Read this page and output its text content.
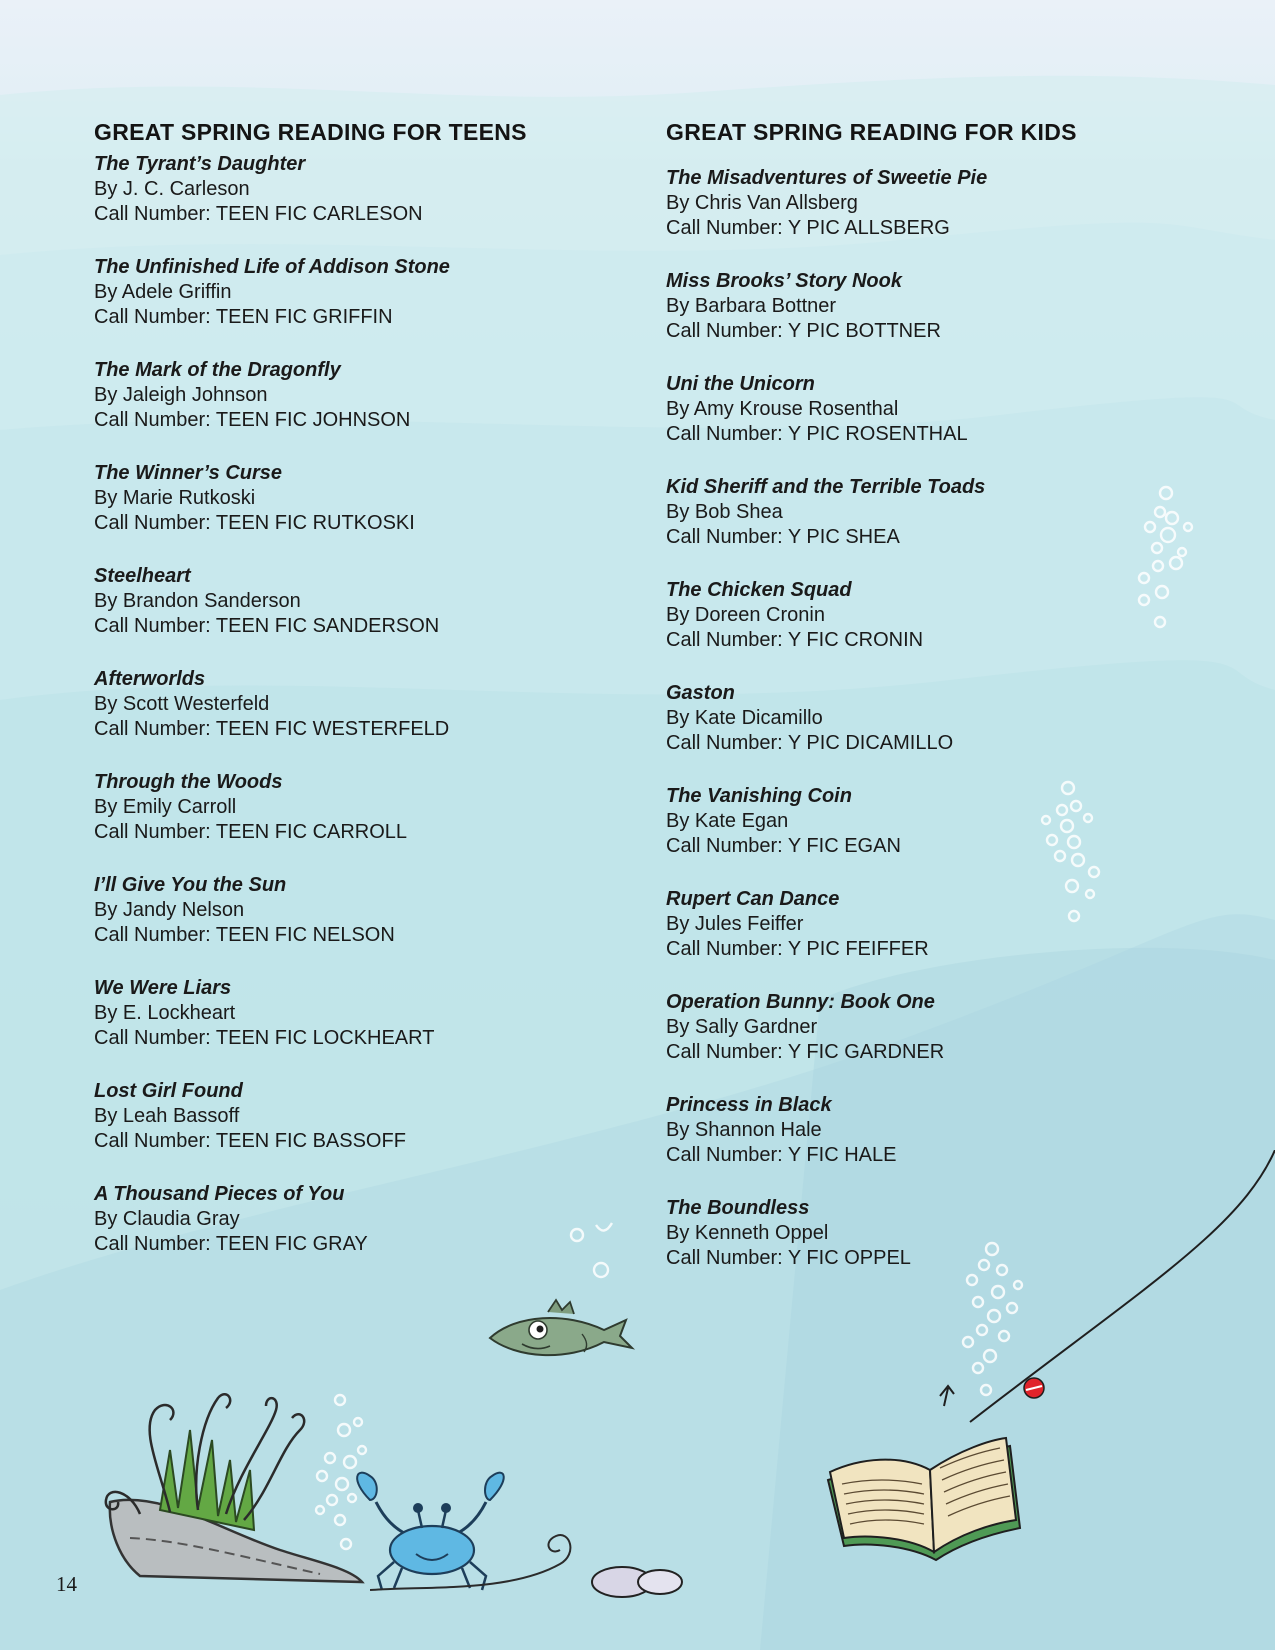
GREAT SPRING READING FOR TEENS
The Tyrant’s Daughter
By J. C. Carleson
Call Number: TEEN FIC CARLESON
The Unfinished Life of Addison Stone
By Adele Griffin
Call Number: TEEN FIC GRIFFIN
The Mark of the Dragonfly
By Jaleigh Johnson
Call Number: TEEN FIC JOHNSON
The Winner’s Curse
By Marie Rutkoski
Call Number: TEEN FIC RUTKOSKI
Steelheart
By Brandon Sanderson
Call Number: TEEN FIC SANDERSON
Afterworlds
By Scott Westerfeld
Call Number: TEEN FIC WESTERFELD
Through the Woods
By Emily Carroll
Call Number: TEEN FIC CARROLL
I’ll Give You the Sun
By Jandy Nelson
Call Number: TEEN FIC NELSON
We Were Liars
By E. Lockheart
Call Number: TEEN FIC LOCKHEART
Lost Girl Found
By Leah Bassoff
Call Number: TEEN FIC BASSOFF
A Thousand Pieces of You
By Claudia Gray
Call Number: TEEN FIC GRAY
GREAT SPRING READING FOR KIDS
The Misadventures of Sweetie Pie
By Chris Van Allsberg
Call Number: Y PIC ALLSBERG
Miss Brooks’ Story Nook
By Barbara Bottner
Call Number: Y PIC BOTTNER
Uni the Unicorn
By Amy Krouse Rosenthal
Call Number: Y PIC ROSENTHAL
Kid Sheriff and the Terrible Toads
By Bob Shea
Call Number: Y PIC SHEA
The Chicken Squad
By Doreen Cronin
Call Number: Y FIC CRONIN
Gaston
By Kate Dicamillo
Call Number: Y PIC DICAMILLO
The Vanishing Coin
By Kate Egan
Call Number: Y FIC EGAN
Rupert Can Dance
By Jules Feiffer
Call Number: Y PIC FEIFFER
Operation Bunny: Book One
By Sally Gardner
Call Number: Y FIC GARDNER
Princess in Black
By Shannon Hale
Call Number: Y FIC HALE
The Boundless
By Kenneth Oppel
Call Number: Y FIC OPPEL
14
